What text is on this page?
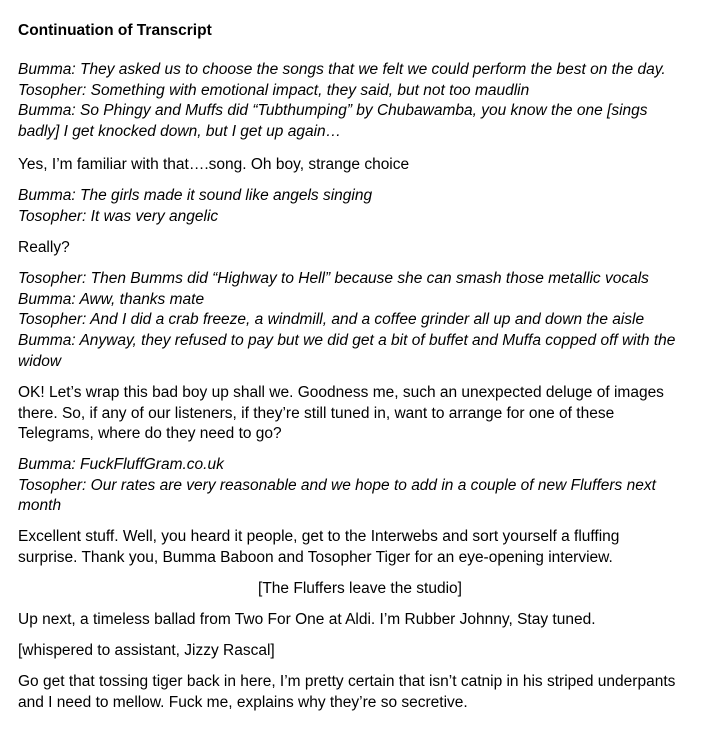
Continuation of Transcript
Bumma: They asked us to choose the songs that we felt we could perform the best on the day.
Tosopher: Something with emotional impact, they said, but not too maudlin
Bumma: So Phingy and Muffs did “Tubthumping” by Chubawamba, you know the one [sings
badly] I get knocked down, but I get up again…
Yes, I’m familiar with that….song. Oh boy, strange choice
Bumma: The girls made it sound like angels singing
Tosopher: It was very angelic
Really?
Tosopher: Then Bumms did “Highway to Hell” because she can smash those metallic vocals
Bumma: Aww, thanks mate
Tosopher: And I did a crab freeze, a windmill, and a coffee grinder all up and down the aisle
Bumma: Anyway, they refused to pay but we did get a bit of buffet and Muffa copped off with the
widow
OK! Let’s wrap this bad boy up shall we. Goodness me, such an unexpected deluge of images
there. So, if any of our listeners, if they’re still tuned in, want to arrange for one of these
Telegrams, where do they need to go?
Bumma: FuckFluffGram.co.uk
Tosopher: Our rates are very reasonable and we hope to add in a couple of new Fluffers next
month
Excellent stuff. Well, you heard it people, get to the Interwebs and sort yourself a fluffing
surprise. Thank you, Bumma Baboon and Tosopher Tiger for an eye-opening interview.
[The Fluffers leave the studio]
Up next, a timeless ballad from Two For One at Aldi. I’m Rubber Johnny, Stay tuned.
[whispered to assistant, Jizzy Rascal]
Go get that tossing tiger back in here, I’m pretty certain that isn’t catnip in his striped underpants
and I need to mellow. Fuck me, explains why they’re so secretive.
